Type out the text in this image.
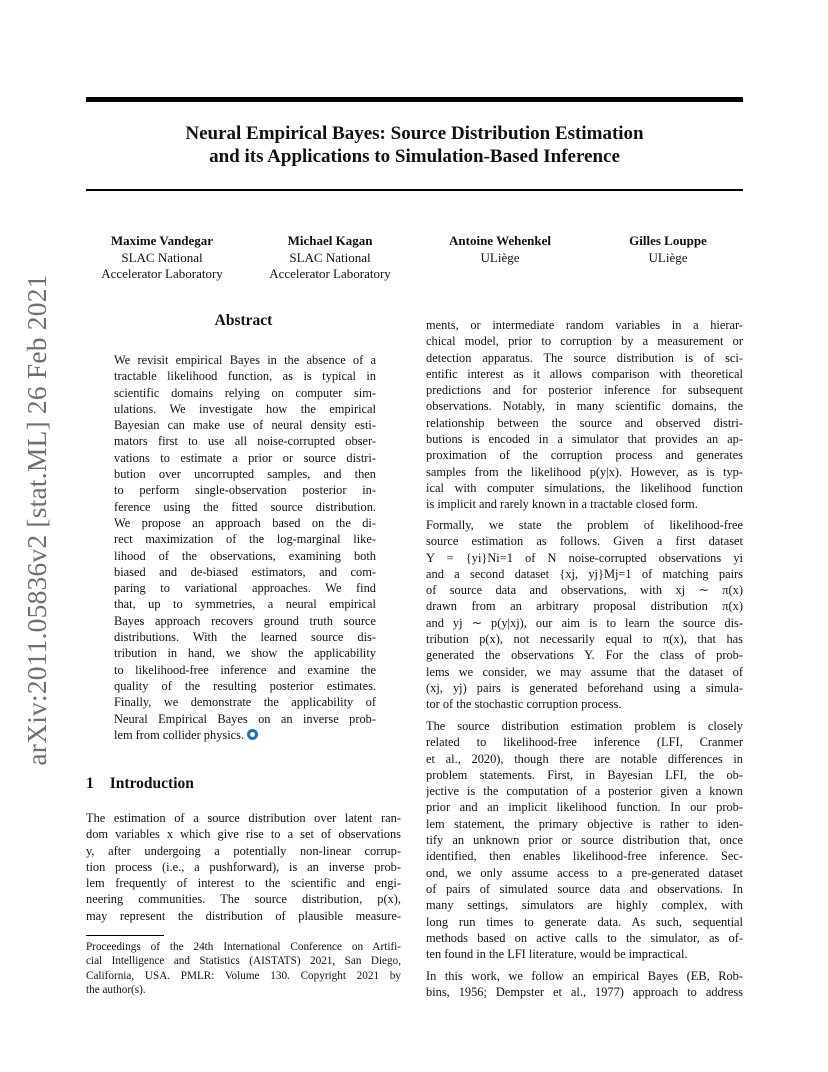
arXiv:2011.05836v2 [stat.ML] 26 Feb 2021
Neural Empirical Bayes: Source Distribution Estimation
and its Applications to Simulation-Based Inference
Maxime Vandegar
SLAC National
Accelerator Laboratory
Michael Kagan
SLAC National
Accelerator Laboratory
Antoine Wehenkel
ULiège
Gilles Louppe
ULiège
Abstract
We revisit empirical Bayes in the absence of a
tractable likelihood function, as is typical in
scientific domains relying on computer sim-
ulations. We investigate how the empirical
Bayesian can make use of neural density esti-
mators first to use all noise-corrupted obser-
vations to estimate a prior or source distri-
bution over uncorrupted samples, and then
to perform single-observation posterior in-
ference using the fitted source distribution.
We propose an approach based on the di-
rect maximization of the log-marginal like-
lihood of the observations, examining both
biased and de-biased estimators, and com-
paring to variational approaches. We find
that, up to symmetries, a neural empirical
Bayes approach recovers ground truth source
distributions. With the learned source dis-
tribution in hand, we show the applicability
to likelihood-free inference and examine the
quality of the resulting posterior estimates.
Finally, we demonstrate the applicability of
Neural Empirical Bayes on an inverse prob-
lem from collider physics.
1 Introduction
The estimation of a source distribution over latent ran-
dom variables x which give rise to a set of observations
y, after undergoing a potentially non-linear corrup-
tion process (i.e., a pushforward), is an inverse prob-
lem frequently of interest to the scientific and engi-
neering communities. The source distribution, p(x),
may represent the distribution of plausible measure-
Proceedings of the 24th International Conference on Artifi-
cial Intelligence and Statistics (AISTATS) 2021, San Diego,
California, USA. PMLR: Volume 130. Copyright 2021 by
the author(s).
ments, or intermediate random variables in a hierar-
chical model, prior to corruption by a measurement or
detection apparatus. The source distribution is of sci-
entific interest as it allows comparison with theoretical
predictions and for posterior inference for subsequent
observations. Notably, in many scientific domains, the
relationship between the source and observed distri-
butions is encoded in a simulator that provides an ap-
proximation of the corruption process and generates
samples from the likelihood p(y|x). However, as is typ-
ical with computer simulations, the likelihood function
is implicit and rarely known in a tractable closed form.
Formally, we state the problem of likelihood-free
source estimation as follows. Given a first dataset
Y = {yi}Ni=1 of N noise-corrupted observations yi
and a second dataset {xj, yj}Mj=1 of matching pairs
of source data and observations, with xj ∼ π(x)
drawn from an arbitrary proposal distribution π(x)
and yj ∼ p(y|xj), our aim is to learn the source dis-
tribution p(x), not necessarily equal to π(x), that has
generated the observations Y. For the class of prob-
lems we consider, we may assume that the dataset of
(xj, yj) pairs is generated beforehand using a simula-
tor of the stochastic corruption process.
The source distribution estimation problem is closely
related to likelihood-free inference (LFI, Cranmer
et al., 2020), though there are notable differences in
problem statements. First, in Bayesian LFI, the ob-
jective is the computation of a posterior given a known
prior and an implicit likelihood function. In our prob-
lem statement, the primary objective is rather to iden-
tify an unknown prior or source distribution that, once
identified, then enables likelihood-free inference. Sec-
ond, we only assume access to a pre-generated dataset
of pairs of simulated source data and observations. In
many settings, simulators are highly complex, with
long run times to generate data. As such, sequential
methods based on active calls to the simulator, as of-
ten found in the LFI literature, would be impractical.
In this work, we follow an empirical Bayes (EB, Rob-
bins, 1956; Dempster et al., 1977) approach to address
